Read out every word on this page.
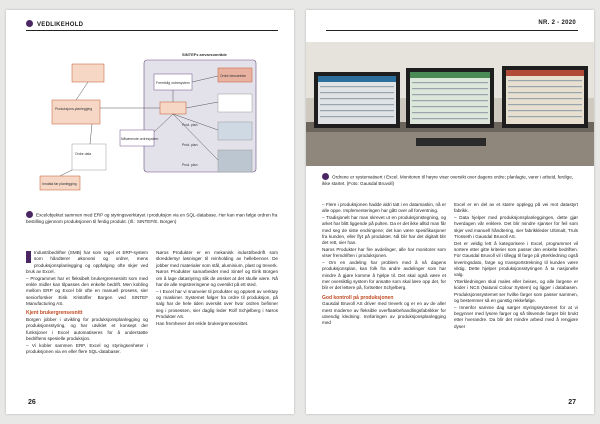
VEDLIKEHOLD
SINTEFs anvarsområde
Produksjons-planlegging
Fremtidig ordresystem
Nåværende ordresystem
Prod. plan
Prod. plan
Prod. plan
Ordre besvarelse
Ordre data
Inndata før planlegging
Excelobjektet sammen med ERP og styringsverktøyet i produksjon via en SQL-database. Her kan man følge ordren fra bestilling gjennom produksjonen til ferdig produkt. (Ill.: SINTEF/E. Borgen)

Industribedrifter (SMB) har som regel et ERP-system som håndterer økonomi og ordrer, mens produksjonsplanlegging og oppfølging ofte skjer ved bruk av Excel.

– Programmet har et fleksibelt brukergrensesnitt som med enkle midler kan tilpasses den enkelte bedrift. Men kobling mellom ERP og Excel blir ofte en manuell prosess, sier seniorforsker Eirik Kristoffer Borgen ved SINTEF Manufacturing AS.

Kjent brukergrensesnitt

Borgen jobber i utvikling for produksjonsplanlegging og produksjonsstyring, og har utviklet et konsept der funksjoner i Excel automatiseres for å understøtte bedriftens spesielle produksjon.

– Vi kobler sammen ERP, Excel og styringsenheter i produksjonen via en eller flere SQL-databaser.

Nøros Produkter er en mekanisk industribedrift som skreddersyr løsninger til reinholding av hellebenner. De jobber med materialer som stål, aluminium, plast og treverk.

Nøros Produkter samarbeidet med Sintef og Eirik Borgen om å lage datastyring slik de ønsket at det skulle være. Nå har de alle registreringene og oversikt på ett sted.

– I Excel har vi snarveier til produkter og oppsett av verktøy og maskiner. Systemet følger fra ordre til produksjon, på salg har de hele tiden oversikt over hvor ordren befinner seg i prosessen, sier daglig leder Rolf Schjelberg i Nøros Produkter AS.

Han fremhever det enkle brukergrensesnittet.

26
NR. 2 - 2020
Ordrene er systematisert i Excel. Monitoren til høyre viser oversikt over dagens ordre; planlagte, varer i arbeid, ferdige, ikke startet. (Foto: Gausdal Bruvoll)

– Flere i produksjonen hadde aldri tatt i en datamaskin, nå er alle oppe. Implementeringen har gått over all forventning.

– Tradisjonelt har man skrevet ut en produksjonstegning, og arket har blitt liggende på pulten. Da er det ikke alltid man får med seg de siste endringene; det kan være spesifikasjoner fra kunden, eller flyt på produktet. Nå blir har det digitalt blir det rett, sier han.

Nøros Produkter har fire avdelinger, alle har monitorer som viser fremdriften i produksjonen.

– Om en avdeling har problem med å nå dagens produksjonsplan, kan folk fra andre avdelinger som har mindre å gjøre komme å hjelpe til. Det skal også være et mer oversiktlig system for ansatte som skal lære opp det, for blir er det lettere på, fortsetter Schjelberg.

God kontroll på produksjonen

Gausdal Bruvoll AS driver med treverk og er en av de aller mest moderne av fleksible overflatebehandlingsfabrikker for utvendig kledning. Innføringen av produksjonsplanlegging med

Excel er en del av et større opplegg på vei mot datastyrt fabrikk.

– Data hjelper med produksjonsplanleggingen, dette gjør hverdagen vår enklere. Det blir mindre sjanser for feil som skjer ved manuell håndtering, sier fabrikkleder Ultimalt, Truls Trosseth i Gausdal Bruvoll AS.

Det er veldig lett å kategorisere i Excel, programmet vil sortere etter gitte kriterier som passer den enkelte bedriften. For Gausdal Bruvoll vil i tillegg til farge på ytterkledning også leveringsdato, farge og transportstrekning til kunden være viktig. Dette hjelper produksjonsstyringen å ta nasjonelle valg.

Ytterkledningen skal males eller beises, og alle fargene er koder i NCS (Natural Colour System) og ligger i databasen. Produksjonssystemet ser hvilke farger som passer sammen, og bestemmer så en gunstig rekkefølge.

– Innenfor samme dag sørger styringssystemet for at vi begynner med lysere farger og så tilsvende farger blir brukt etter hverandre. Da blir det mindre arbeid med å rengjøre dyser

27
